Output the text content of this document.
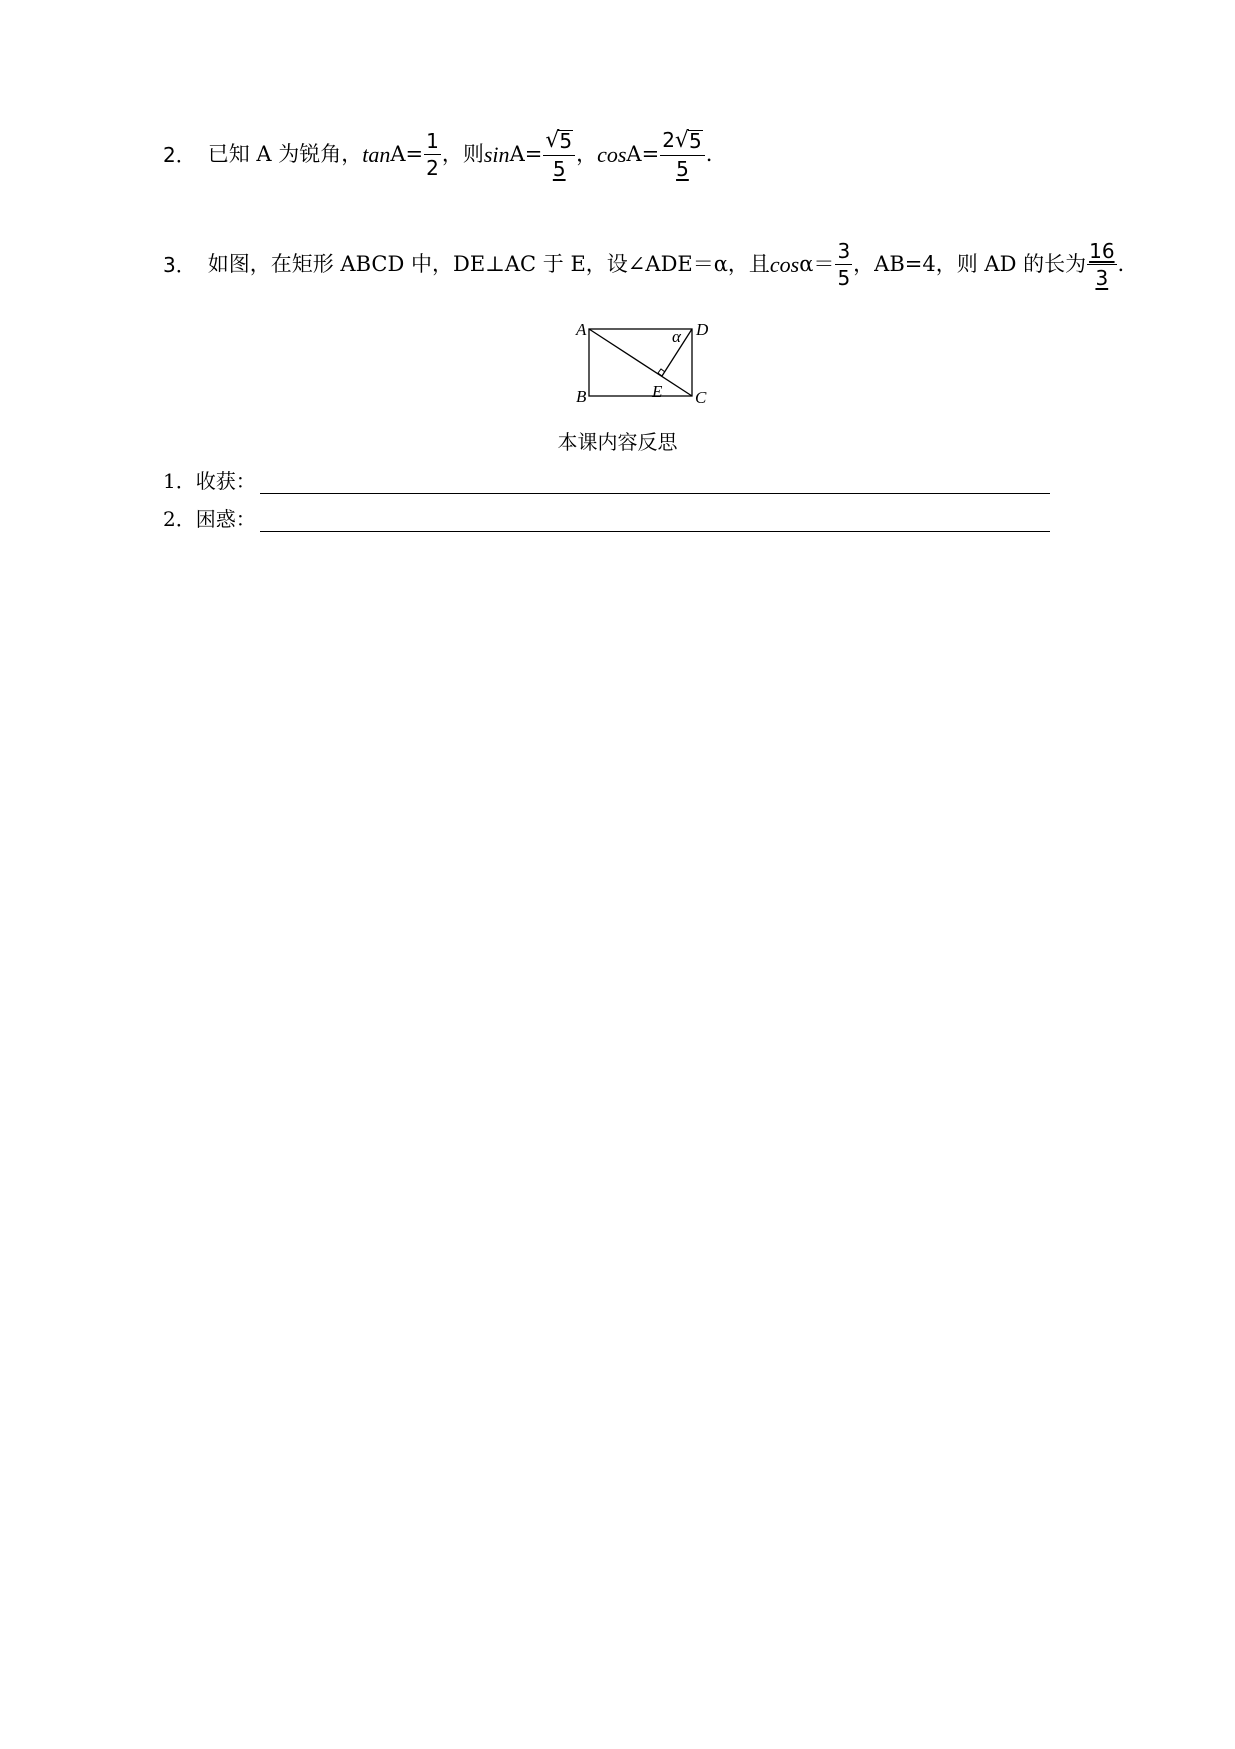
2． 已知 A 为锐角， $\tan A= \frac{1}{2}$ ，则 $\sin A= \frac{√ 5}{5}$ ， $\cos A= \frac{2 √ 5}{5}$ .
3． 如图，在矩形 ABCD 中，DE⊥AC 于 E，设∠ADE＝α，且 $\cos \alpha= \frac{3}{5}$ ，AB=4，则 AD 的长为 $\frac{16}{3}$ .
A
B	C
D
E
α
本课内容反思
1．收获：
2．困惑：
